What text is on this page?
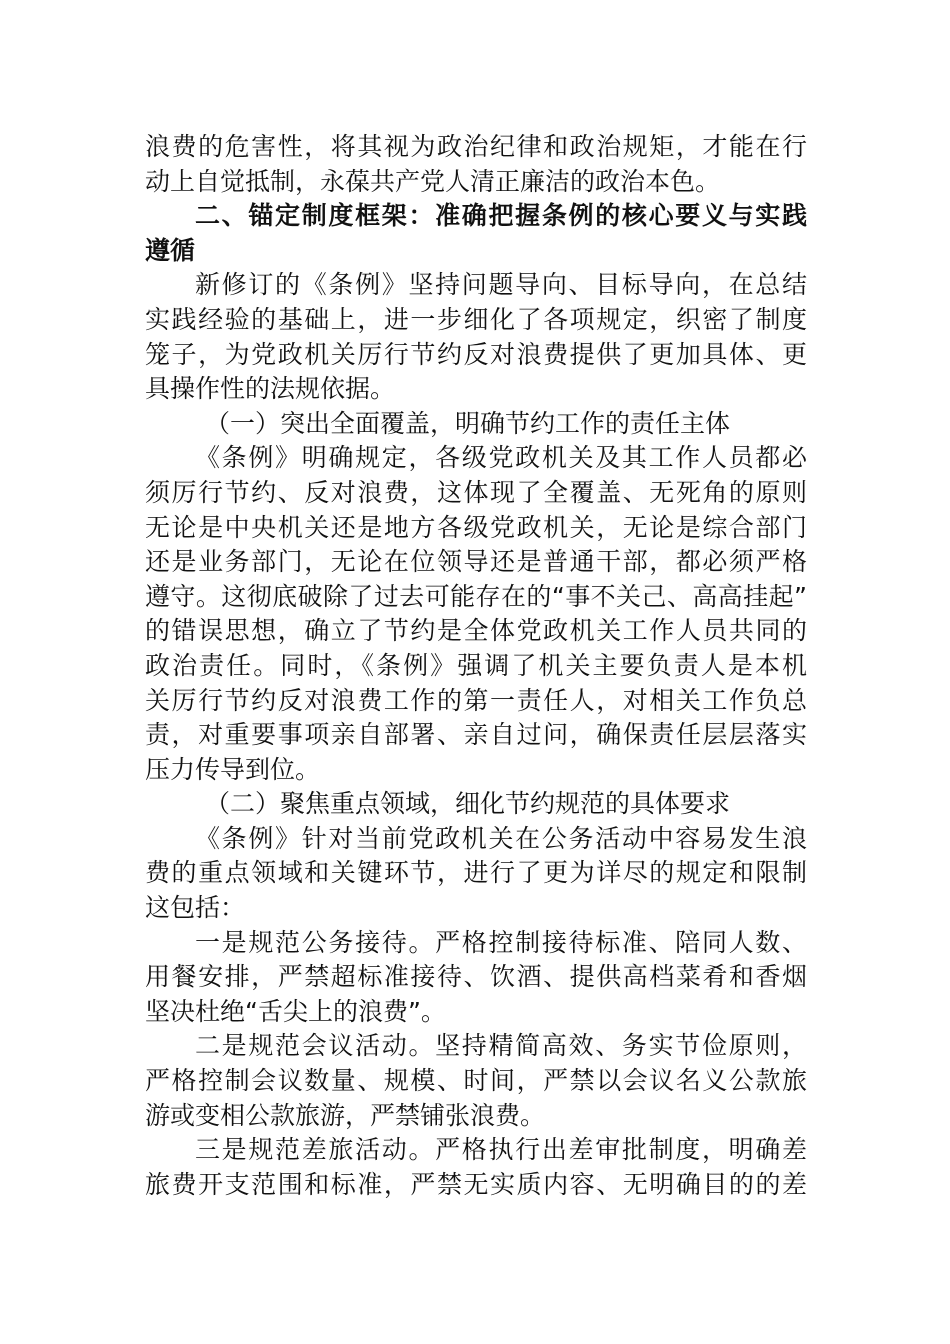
浪费的危害性，将其视为政治纪律和政治规矩，才能在行
动上自觉抵制，永葆共产党人清正廉洁的政治本色。
二、锚定制度框架：准确把握条例的核心要义与实践
遵循
新修订的《条例》坚持问题导向、目标导向，在总结
实践经验的基础上，进一步细化了各项规定，织密了制度
笼子，为党政机关厉行节约反对浪费提供了更加具体、更
具操作性的法规依据。
（一）突出全面覆盖，明确节约工作的责任主体
《条例》明确规定，各级党政机关及其工作人员都必
须厉行节约、反对浪费，这体现了全覆盖、无死角的原则
无论是中央机关还是地方各级党政机关，无论是综合部门
还是业务部门，无论在位领导还是普通干部，都必须严格
遵守。这彻底破除了过去可能存在的“事不关己、高高挂起”
的错误思想，确立了节约是全体党政机关工作人员共同的
政治责任。同时，《条例》强调了机关主要负责人是本机
关厉行节约反对浪费工作的第一责任人，对相关工作负总
责，对重要事项亲自部署、亲自过问，确保责任层层落实
压力传导到位。
（二）聚焦重点领域，细化节约规范的具体要求
《条例》针对当前党政机关在公务活动中容易发生浪
费的重点领域和关键环节，进行了更为详尽的规定和限制
这包括：
一是规范公务接待。严格控制接待标准、陪同人数、
用餐安排，严禁超标准接待、饮酒、提供高档菜肴和香烟
坚决杜绝“舌尖上的浪费”。
二是规范会议活动。坚持精简高效、务实节俭原则，
严格控制会议数量、规模、时间，严禁以会议名义公款旅
游或变相公款旅游，严禁铺张浪费。
三是规范差旅活动。严格执行出差审批制度，明确差
旅费开支范围和标准，严禁无实质内容、无明确目的的差
